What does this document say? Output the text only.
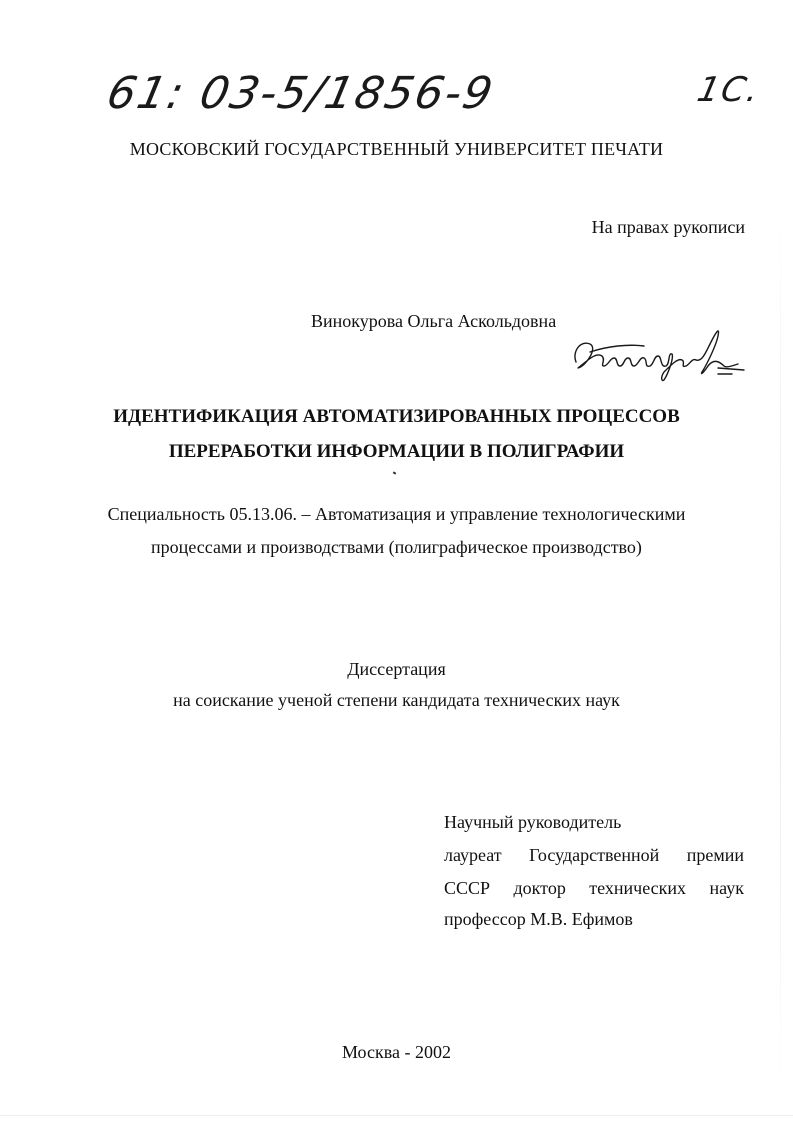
61: 03-5/1856-9	1С.
МОСКОВСКИЙ ГОСУДАРСТВЕННЫЙ УНИВЕРСИТЕТ ПЕЧАТИ
На правах рукописи
Винокурова Ольга Аскольдовна
ИДЕНТИФИКАЦИЯ АВТОМАТИЗИРОВАННЫХ ПРОЦЕССОВ
ПЕРЕРАБОТКИ ИНФОРМАЦИИ В ПОЛИГРАФИИ
Специальность 05.13.06. – Автоматизация и управление технологическими
процессами и производствами (полиграфическое производство)
Диссертация
на соискание ученой степени кандидата технических наук
Научный руководитель
лауреат Государственной премии
СССР доктор технических наук
профессор М.В. Ефимов
Москва - 2002
